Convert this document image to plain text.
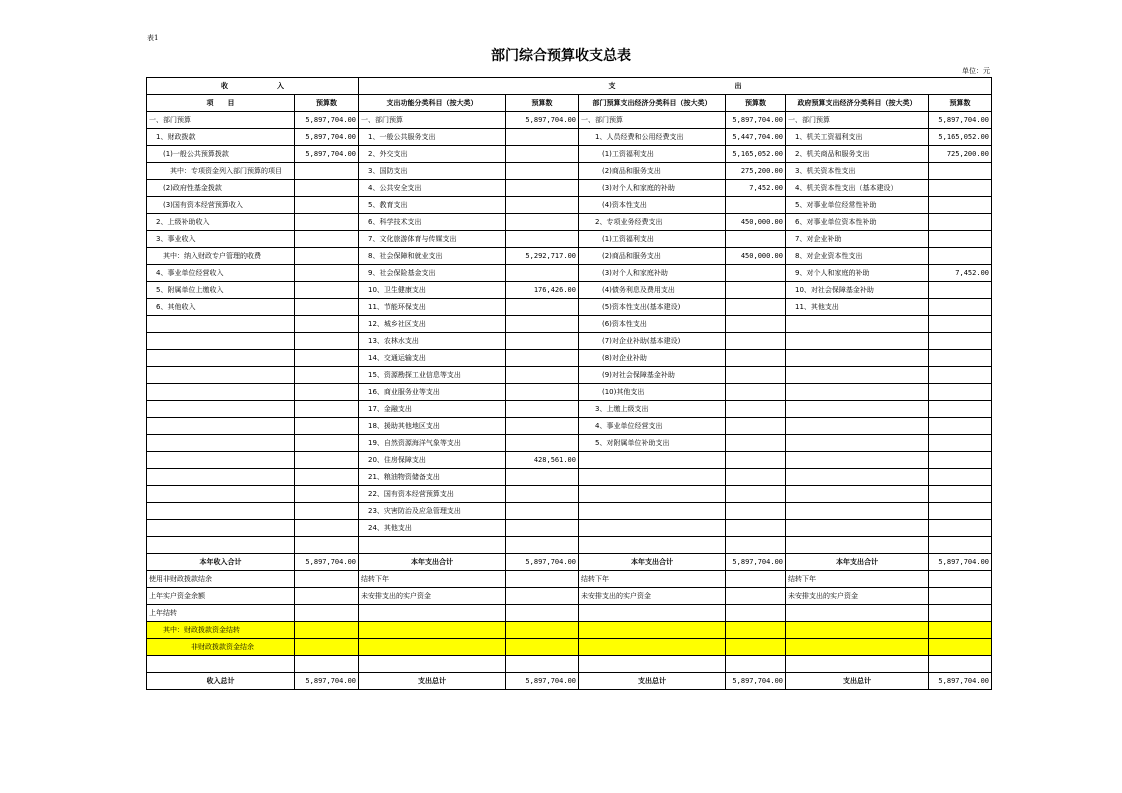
表1
部门综合预算收支总表
单位：元
收　　　　　　　入		支　　　　　　　　　　　　　　　　　出					
项　　目	预算数	支出功能分类科目（按大类）	预算数	部门预算支出经济分类科目（按大类）	预算数	政府预算支出经济分类科目（按大类）	预算数
一、部门预算	5,897,704.00	一、部门预算	5,897,704.00	一、部门预算	5,897,704.00	一、部门预算	5,897,704.00
　1、财政拨款	5,897,704.00	　1、一般公共服务支出		　　1、人员经费和公用经费支出	5,447,704.00	　1、机关工资福利支出	5,165,052.00
　　(1)一般公共预算拨款	5,897,704.00	　2、外交支出		　　　(1)工资福利支出	5,165,052.00	　2、机关商品和服务支出	725,200.00
　　　其中：专项资金列入部门预算的项目		　3、国防支出		　　　(2)商品和服务支出	275,200.00	　3、机关资本性支出	
　　(2)政府性基金拨款		　4、公共安全支出		　　　(3)对个人和家庭的补助	7,452.00	　4、机关资本性支出（基本建设）	
　　(3)国有资本经营预算收入		　5、教育支出		　　　(4)资本性支出		　5、对事业单位经常性补助	
　2、上级补助收入		　6、科学技术支出		　　2、专项业务经费支出	450,000.00	　6、对事业单位资本性补助	
　3、事业收入		　7、文化旅游体育与传媒支出		　　　(1)工资福利支出		　7、对企业补助	
　　其中：纳入财政专户管理的收费		　8、社会保障和就业支出	5,292,717.00	　　　(2)商品和服务支出	450,000.00	　8、对企业资本性支出	
　4、事业单位经营收入		　9、社会保险基金支出		　　　(3)对个人和家庭补助		　9、对个人和家庭的补助	7,452.00
　5、附属单位上缴收入		　10、卫生健康支出	176,426.00	　　　(4)债务利息及费用支出		　10、对社会保障基金补助	
　6、其他收入		　11、节能环保支出		　　　(5)资本性支出(基本建设)		　11、其他支出	
		　12、城乡社区支出		　　　(6)资本性支出			
		　13、农林水支出		　　　(7)对企业补助(基本建设)			
		　14、交通运输支出		　　　(8)对企业补助			
		　15、资源勘探工业信息等支出		　　　(9)对社会保障基金补助			
		　16、商业服务业等支出		　　　(10)其他支出			
		　17、金融支出		　　3、上缴上级支出			
		　18、援助其他地区支出		　　4、事业单位经营支出			
		　19、自然资源海洋气象等支出		　　5、对附属单位补助支出			
		　20、住房保障支出	428,561.00				
		　21、粮油物资储备支出					
		　22、国有资本经营预算支出					
		　23、灾害防治及应急管理支出					
		　24、其他支出					

本年收入合计	5,897,704.00	本年支出合计	5,897,704.00	本年支出合计	5,897,704.00	本年支出合计	5,897,704.00
使用非财政拨款结余		结转下年		结转下年		结转下年	
上年实户资金余额		未安排支出的实户资金		未安排支出的实户资金		未安排支出的实户资金	
上年结转							
　　其中：财政拨款资金结转							
　　　　　　非财政拨款资金结余							

收入总计	5,897,704.00	支出总计	5,897,704.00	支出总计	5,897,704.00	支出总计	5,897,704.00
